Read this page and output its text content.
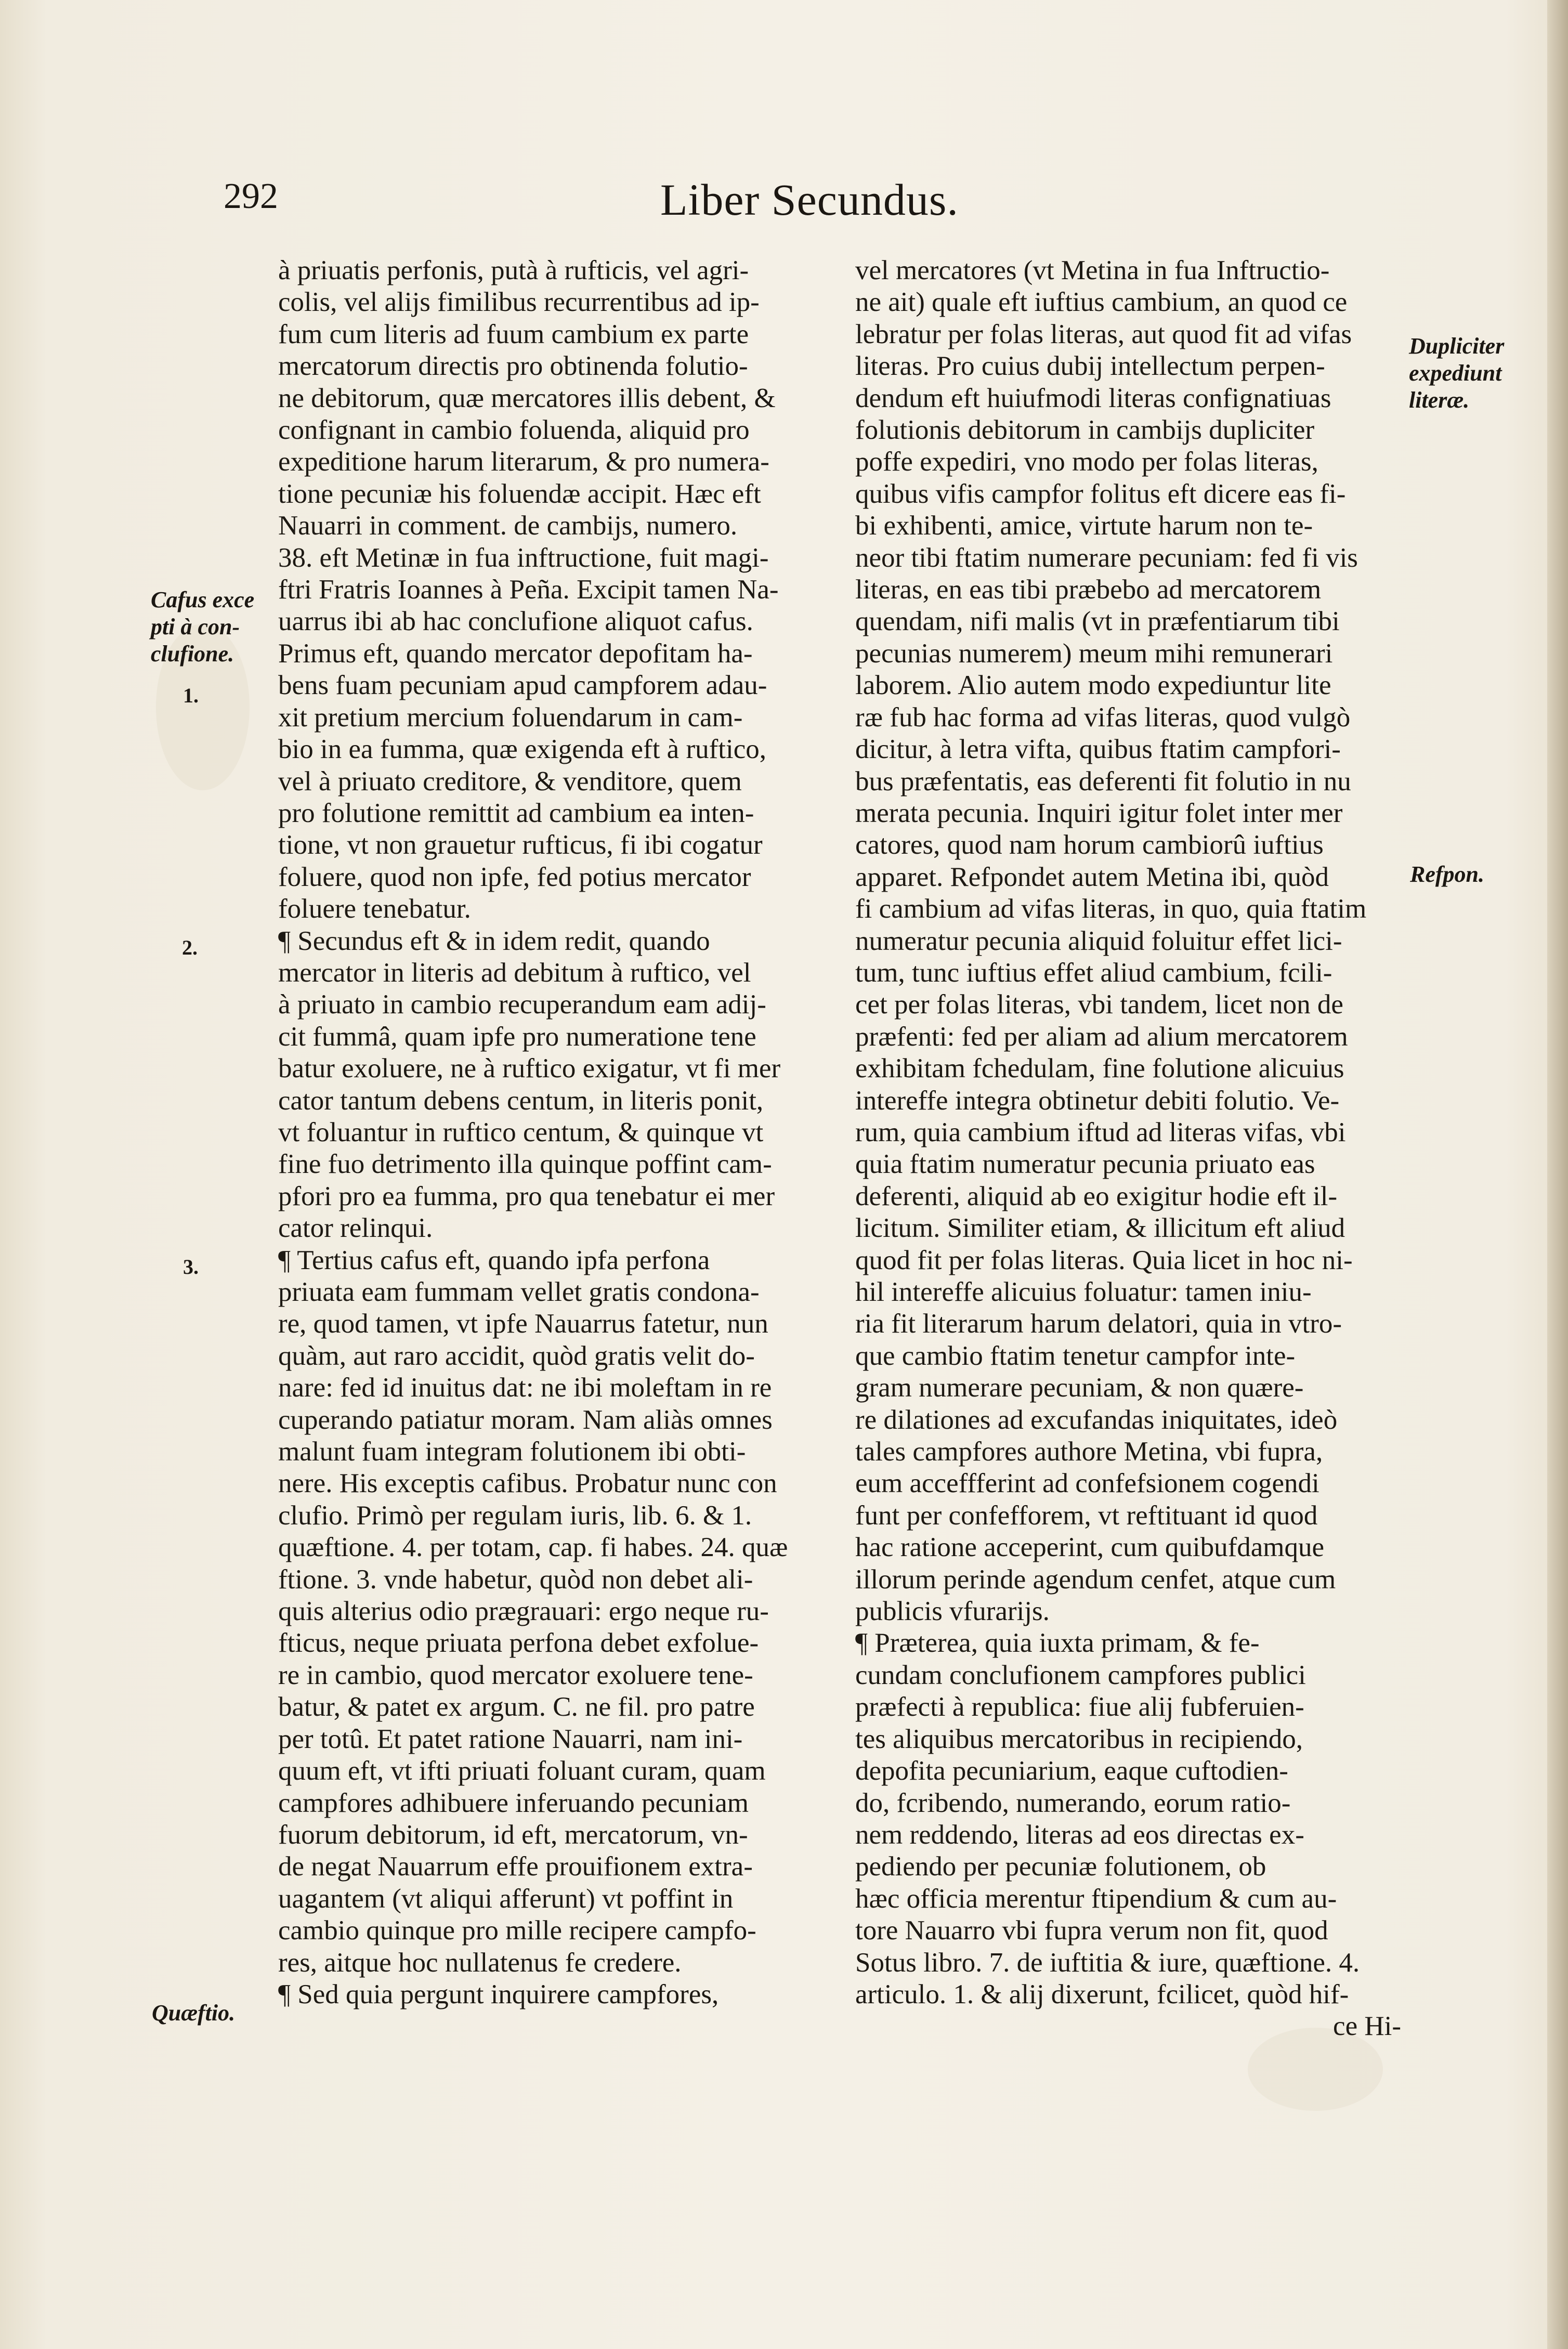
292	Liber Secundus.
à priuatis perfonis, putà à rufticis, vel agri-
colis, vel alijs fimilibus recurrentibus ad ip-
fum cum literis ad fuum cambium ex parte
mercatorum directis pro obtinenda folutio-
ne debitorum, quæ mercatores illis debent, &
confignant in cambio foluenda, aliquid pro
expeditione harum literarum, & pro numera-
tione pecuniæ his foluendæ accipit. Hæc eft
Nauarri in comment. de cambijs, numero.
38. eft Metinæ in fua inftructione, fuit magi-
ftri Fratris Ioannes à Peña. Excipit tamen Na-
uarrus ibi ab hac conclufione aliquot cafus.
Primus eft, quando mercator depofitam ha-
bens fuam pecuniam apud campforem adau-
xit pretium mercium foluendarum in cam-
bio in ea fumma, quæ exigenda eft à ruftico,
vel à priuato creditore, & venditore, quem
pro folutione remittit ad cambium ea inten-
tione, vt non grauetur rufticus, fi ibi cogatur
foluere, quod non ipfe, fed potius mercator
foluere tenebatur.
¶ Secundus eft & in idem redit, quando
mercator in literis ad debitum à ruftico, vel
à priuato in cambio recuperandum eam adij-
cit fummâ, quam ipfe pro numeratione tene
batur exoluere, ne à ruftico exigatur, vt fi mer
cator tantum debens centum, in literis ponit,
vt foluantur in ruftico centum, & quinque vt
fine fuo detrimento illa quinque poffint cam-
pfori pro ea fumma, pro qua tenebatur ei mer
cator relinqui.
¶ Tertius cafus eft, quando ipfa perfona
priuata eam fummam vellet gratis condona-
re, quod tamen, vt ipfe Nauarrus fatetur, nun
quàm, aut raro accidit, quòd gratis velit do-
nare: fed id inuitus dat: ne ibi moleftam in re
cuperando patiatur moram. Nam aliàs omnes
malunt fuam integram folutionem ibi obti-
nere. His exceptis cafibus. Probatur nunc con
clufio. Primò per regulam iuris, lib. 6. & 1.
quæftione. 4. per totam, cap. fi habes. 24. quæ
ftione. 3. vnde habetur, quòd non debet ali-
quis alterius odio prægrauari: ergo neque ru-
fticus, neque priuata perfona debet exfolue-
re in cambio, quod mercator exoluere tene-
batur, & patet ex argum. C. ne fil. pro patre
per totû. Et patet ratione Nauarri, nam ini-
quum eft, vt ifti priuati foluant curam, quam
campfores adhibuere inferuando pecuniam
fuorum debitorum, id eft, mercatorum, vn-
de negat Nauarrum effe prouifionem extra-
uagantem (vt aliqui afferunt) vt poffint in
cambio quinque pro mille recipere campfo-
res, aitque hoc nullatenus fe credere.
¶ Sed quia pergunt inquirere campfores,
vel mercatores (vt Metina in fua Inftructio-
ne ait) quale eft iuftius cambium, an quod ce
lebratur per folas literas, aut quod fit ad vifas
literas. Pro cuius dubij intellectum perpen-
dendum eft huiufmodi literas confignatiuas
folutionis debitorum in cambijs dupliciter
poffe expediri, vno modo per folas literas,
quibus vifis campfor folitus eft dicere eas fi-
bi exhibenti, amice, virtute harum non te-
neor tibi ftatim numerare pecuniam: fed fi vis
literas, en eas tibi præbebo ad mercatorem
quendam, nifi malis (vt in præfentiarum tibi
pecunias numerem) meum mihi remunerari
laborem. Alio autem modo expediuntur lite
ræ fub hac forma ad vifas literas, quod vulgò
dicitur, à letra vifta, quibus ftatim campfori-
bus præfentatis, eas deferenti fit folutio in nu
merata pecunia. Inquiri igitur folet inter mer
catores, quod nam horum cambiorû iuftius
apparet. Refpondet autem Metina ibi, quòd
fi cambium ad vifas literas, in quo, quia ftatim
numeratur pecunia aliquid foluitur effet lici-
tum, tunc iuftius effet aliud cambium, fcili-
cet per folas literas, vbi tandem, licet non de
præfenti: fed per aliam ad alium mercatorem
exhibitam fchedulam, fine folutione alicuius
intereffe integra obtinetur debiti folutio. Ve-
rum, quia cambium iftud ad literas vifas, vbi
quia ftatim numeratur pecunia priuato eas
deferenti, aliquid ab eo exigitur hodie eft il-
licitum. Similiter etiam, & illicitum eft aliud
quod fit per folas literas. Quia licet in hoc ni-
hil intereffe alicuius foluatur: tamen iniu-
ria fit literarum harum delatori, quia in vtro-
que cambio ftatim tenetur campfor inte-
gram numerare pecuniam, & non quære-
re dilationes ad excufandas iniquitates, ideò
tales campfores authore Metina, vbi fupra,
eum acceffferint ad confefsionem cogendi
funt per confefforem, vt reftituant id quod
hac ratione acceperint, cum quibufdamque
illorum perinde agendum cenfet, atque cum
publicis vfurarijs.
¶ Præterea, quia iuxta primam, & fe-
cundam conclufionem campfores publici
præfecti à republica: fiue alij fubferuien-
tes aliquibus mercatoribus in recipiendo,
depofita pecuniarium, eaque cuftodien-
do, fcribendo, numerando, eorum ratio-
nem reddendo, literas ad eos directas ex-
pediendo per pecuniæ folutionem, ob
hæc officia merentur ftipendium & cum au-
tore Nauarro vbi fupra verum non fit, quod
Sotus libro. 7. de iuftitia & iure, quæftione. 4.
articulo. 1. & alij dixerunt, fcilicet, quòd hif-
ce Hi-
Cafus exce
pti à con-
clufione.
1.
2.
3.
Quæftio.
Dupliciter
expediunt
literæ.
Refpon.
